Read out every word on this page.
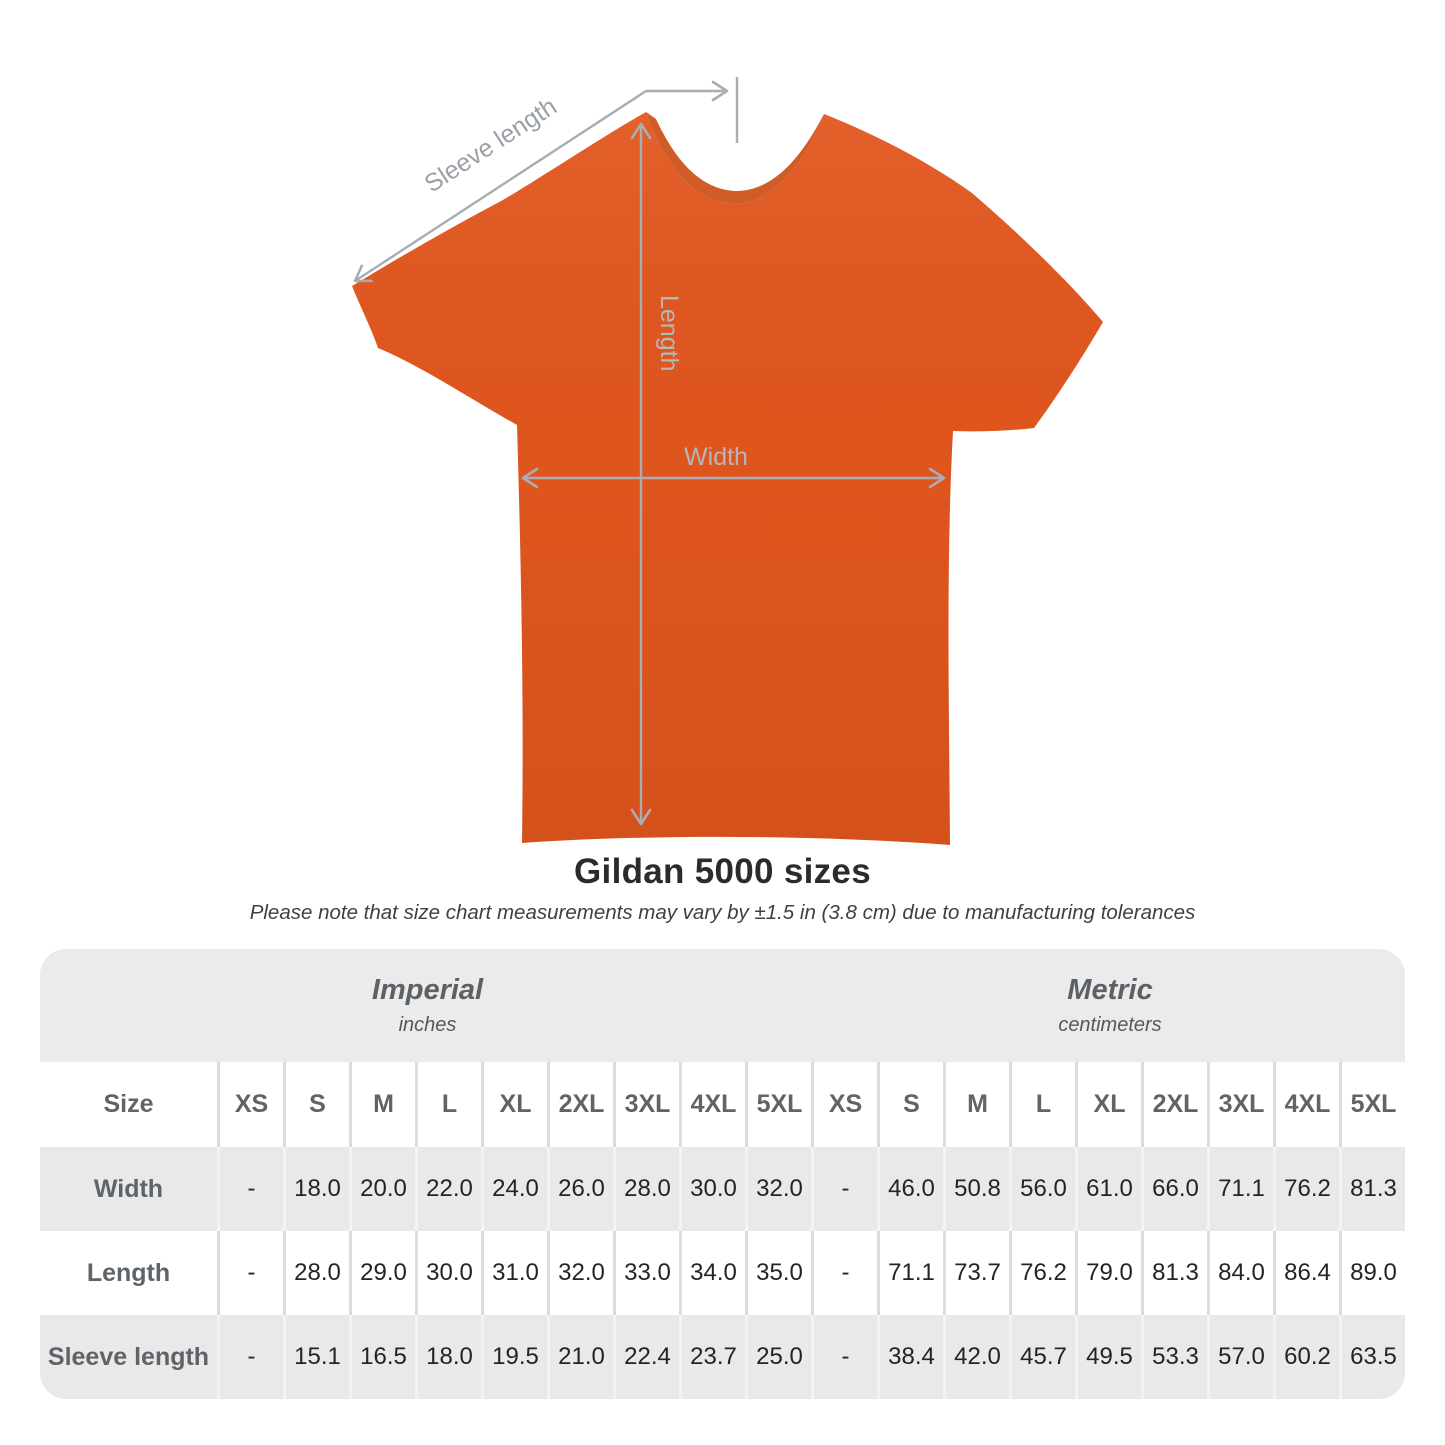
Sleeve length
Length
Width
Gildan 5000 sizes

Please note that size chart measurements may vary by ±1.5 in (3.8 cm) due to manufacturing tolerances

Imperial
inches
Metric
centimeters
Size	XS	S	M	L	XL	2XL 3XL 4XL 5XL	XS	S	M	L	XL	2XL 3XL 4XL 5XL
Width	-	18.0 20.0 22.0 24.0 26.0 28.0 30.0 32.0	-	46.0 50.8 56.0 61.0 66.0 71.1 76.2 81.3
Length	-	28.0 29.0 30.0 31.0 32.0 33.0 34.0 35.0	-	71.1 73.7 76.2 79.0 81.3 84.0 86.4 89.0
Sleeve length	-	15.1 16.5 18.0 19.5 21.0 22.4 23.7 25.0	-	38.4 42.0 45.7 49.5 53.3 57.0 60.2 63.5
